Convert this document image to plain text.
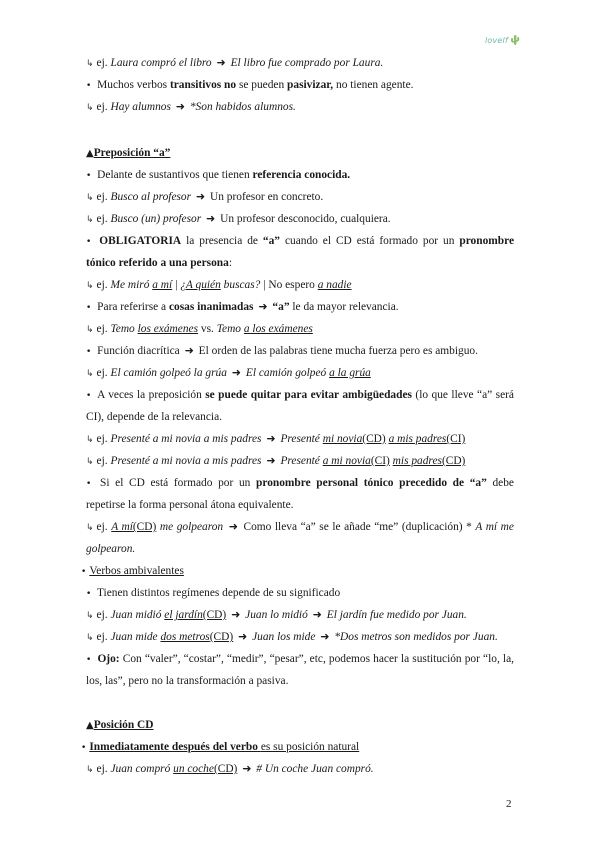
lovelf
↳ ej. Laura compró el libro ➜ El libro fue comprado por Laura.
• Muchos verbos transitivos no se pueden pasivizar, no tienen agente.
↳ ej. Hay alumnos ➜ *Son habidos alumnos.
▲Preposición “a”
• Delante de sustantivos que tienen referencia conocida.
↳ ej. Busco al profesor ➜ Un profesor en concreto.
↳ ej. Busco (un) profesor ➜ Un profesor desconocido, cualquiera.
• OBLIGATORIA la presencia de “a” cuando el CD está formado por un pronombre
tónico referido a una persona:
↳ ej. Me miró a mí | ¿A quién buscas? | No espero a nadie
• Para referirse a cosas inanimadas ➜ “a” le da mayor relevancia.
↳ ej. Temo los exámenes vs. Temo a los exámenes
• Función diacrítica ➜ El orden de las palabras tiene mucha fuerza pero es ambiguo.
↳ ej. El camión golpeó la grúa ➜ El camión golpeó a la grúa
• A veces la preposición se puede quitar para evitar ambigüedades (lo que lleve “a” será
CI), depende de la relevancia.
↳ ej. Presenté a mi novia a mis padres ➜ Presenté mi novia(CD) a mis padres(CI)
↳ ej. Presenté a mi novia a mis padres ➜ Presenté a mi novia(CI) mis padres(CD)
• Si el CD está formado por un pronombre personal tónico precedido de “a” debe
repetirse la forma personal átona equivalente.
↳ ej. A mí(CD) me golpearon ➜ Como lleva “a” se le añade “me” (duplicación) * A mí me
golpearon.
• Verbos ambivalentes
• Tienen distintos regímenes depende de su significado
↳ ej. Juan midió el jardín(CD) ➜ Juan lo midió ➜ El jardín fue medido por Juan.
↳ ej. Juan mide dos metros(CD) ➜ Juan los mide ➜ *Dos metros son medidos por Juan.
• Ojo: Con “valer”, “costar”, “medir”, “pesar”, etc, podemos hacer la sustitución por “lo, la,
los, las”, pero no la transformación a pasiva.
▲Posición CD
• Inmediatamente después del verbo es su posición natural
↳ ej. Juan compró un coche(CD) ➜ # Un coche Juan compró.
2
